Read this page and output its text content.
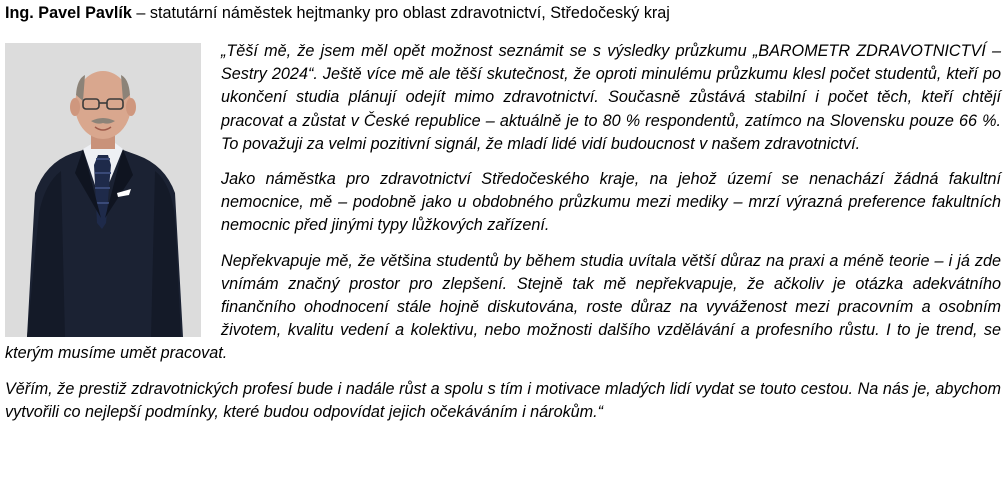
Ing. Pavel Pavlík – statutární náměstek hejtmanky pro oblast zdravotnictví, Středočeský kraj

„Těší mě, že jsem měl opět možnost seznámit se s výsledky průzkumu „BAROMETR ZDRAVOTNICTVÍ – Sestry 2024“. Ještě více mě ale těší skutečnost, že oproti minulému průzkumu klesl počet studentů, kteří po ukončení studia plánují odejít mimo zdravotnictví. Současně zůstává stabilní i počet těch, kteří chtějí pracovat a zůstat v České republice – aktuálně je to 80 % respondentů, zatímco na Slovensku pouze 66 %. To považuji za velmi pozitivní signál, že mladí lidé vidí budoucnost v našem zdravotnictví.

Jako náměstka pro zdravotnictví Středočeského kraje, na jehož území se nenachází žádná fakultní nemocnice, mě – podobně jako u obdobného průzkumu mezi mediky – mrzí výrazná preference fakultních nemocnic před jinými typy lůžkových zařízení.

Nepřekvapuje mě, že většina studentů by během studia uvítala větší důraz na praxi a méně teorie – i já zde vnímám značný prostor pro zlepšení. Stejně tak mě nepřekvapuje, že ačkoliv je otázka adekvátního finančního ohodnocení stále hojně diskutována, roste důraz na vyváženost mezi pracovním a osobním životem, kvalitu vedení a kolektivu, nebo možnosti dalšího vzdělávání a profesního růstu. I to je trend, se kterým musíme umět pracovat.

Věřím, že prestiž zdravotnických profesí bude i nadále růst a spolu s tím i motivace mladých lidí vydat se touto cestou. Na nás je, abychom vytvořili co nejlepší podmínky, které budou odpovídat jejich očekáváním i nárokům.“
